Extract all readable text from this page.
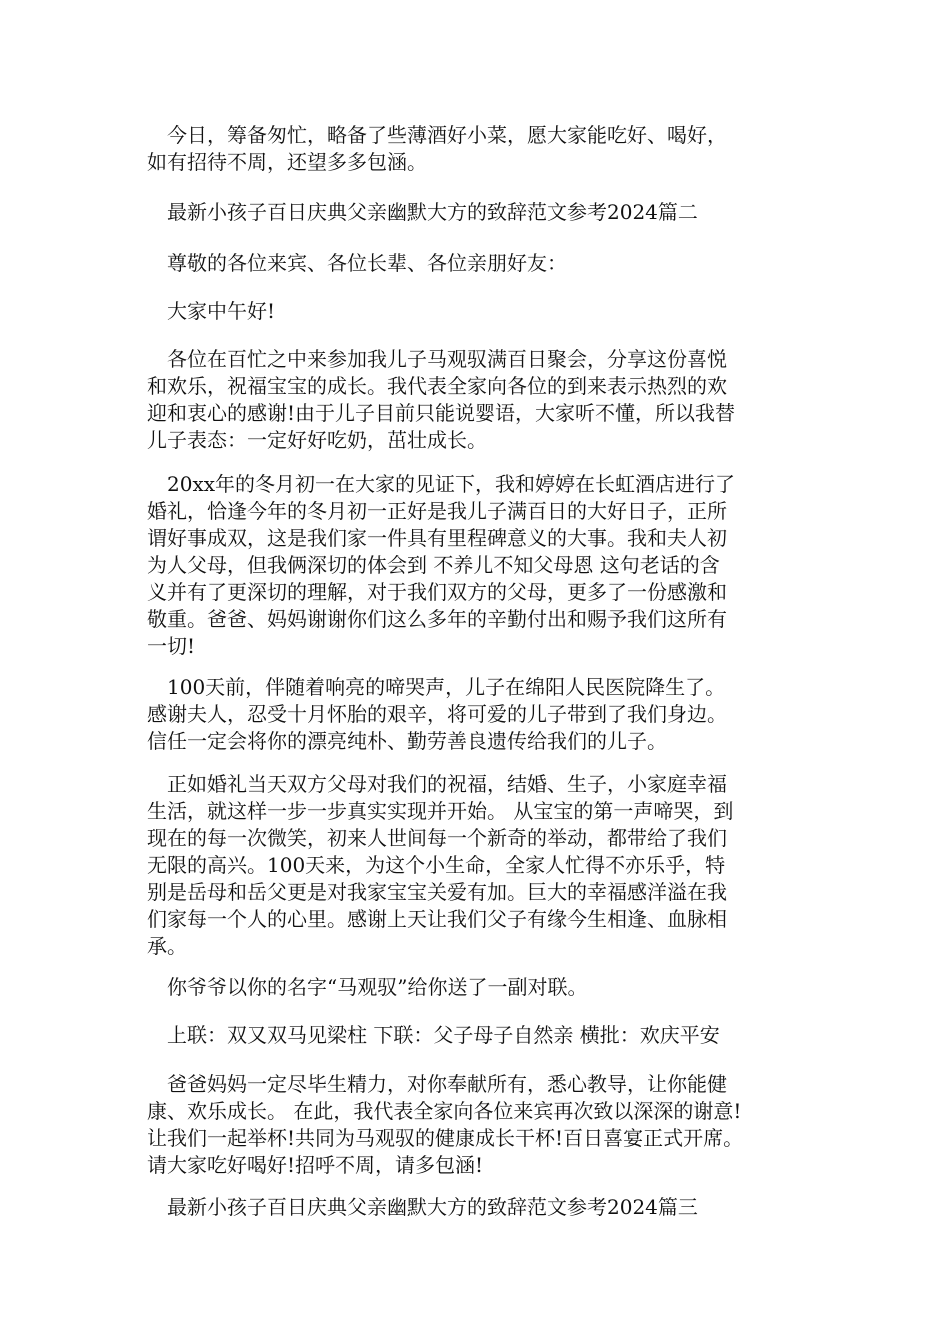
　今日，筹备匆忙，略备了些薄酒好小菜，愿大家能吃好、喝好，
如有招待不周，还望多多包涵。

最新小孩子百日庆典父亲幽默大方的致辞范文参考2024篇二

尊敬的各位来宾、各位长辈、各位亲朋好友：

大家中午好!

　各位在百忙之中来参加我儿子马观驭满百日聚会，分享这份喜悦
和欢乐，祝福宝宝的成长。我代表全家向各位的到来表示热烈的欢
迎和衷心的感谢!由于儿子目前只能说婴语，大家听不懂，所以我替
儿子表态：一定好好吃奶，茁壮成长。

　20xx年的冬月初一在大家的见证下，我和婷婷在长虹酒店进行了
婚礼，恰逢今年的冬月初一正好是我儿子满百日的大好日子，正所
谓好事成双，这是我们家一件具有里程碑意义的大事。我和夫人初
为人父母，但我俩深切的体会到 不养儿不知父母恩 这句老话的含
义并有了更深切的理解，对于我们双方的父母，更多了一份感激和
敬重。爸爸、妈妈谢谢你们这么多年的辛勤付出和赐予我们这所有
一切!

　100天前，伴随着响亮的啼哭声，儿子在绵阳人民医院降生了。
感谢夫人，忍受十月怀胎的艰辛，将可爱的儿子带到了我们身边。
信任一定会将你的漂亮纯朴、勤劳善良遗传给我们的儿子。

　正如婚礼当天双方父母对我们的祝福，结婚、生子，小家庭幸福
生活，就这样一步一步真实实现并开始。 从宝宝的第一声啼哭，到
现在的每一次微笑，初来人世间每一个新奇的举动，都带给了我们
无限的高兴。100天来，为这个小生命，全家人忙得不亦乐乎，特
别是岳母和岳父更是对我家宝宝关爱有加。巨大的幸福感洋溢在我
们家每一个人的心里。感谢上天让我们父子有缘今生相逢、血脉相
承。

你爷爷以你的名字“马观驭”给你送了一副对联。

上联：双又双马见梁柱 下联：父子母子自然亲 横批：欢庆平安

　爸爸妈妈一定尽毕生精力，对你奉献所有，悉心教导，让你能健
康、欢乐成长。 在此，我代表全家向各位来宾再次致以深深的谢意!
让我们一起举杯!共同为马观驭的健康成长干杯!百日喜宴正式开席。
请大家吃好喝好!招呼不周，请多包涵!

最新小孩子百日庆典父亲幽默大方的致辞范文参考2024篇三
